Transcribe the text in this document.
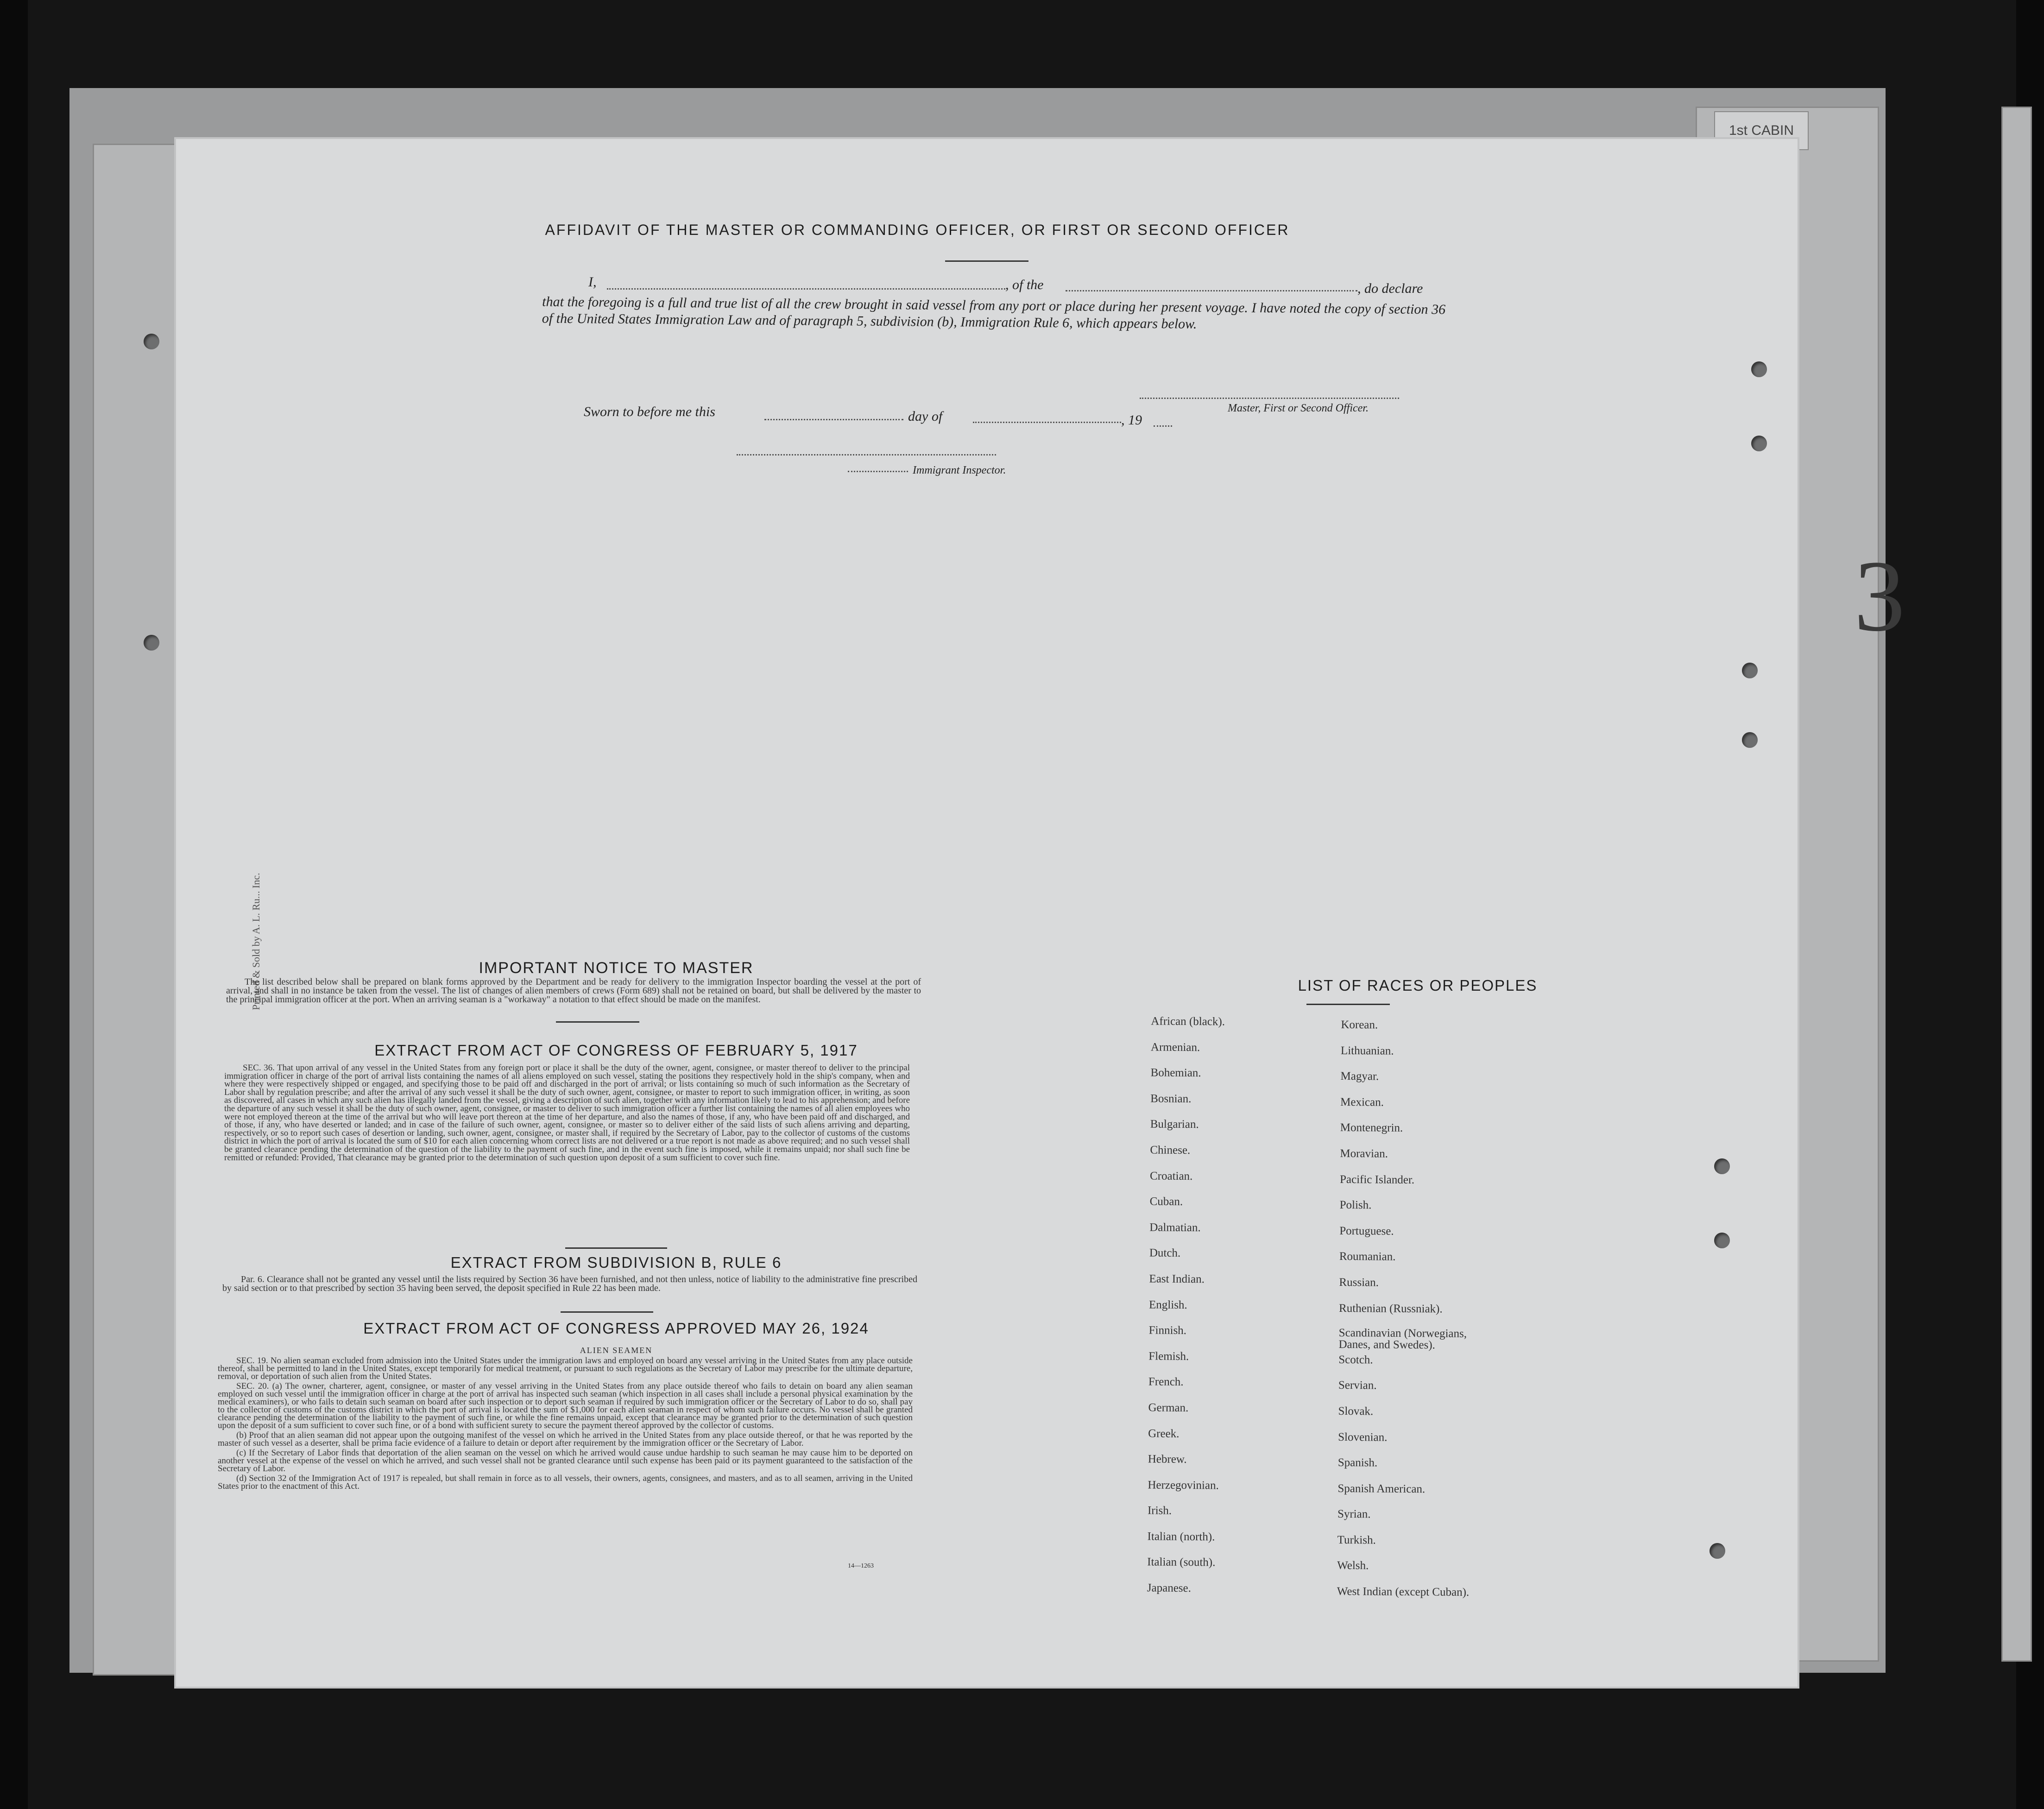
1st CABIN
3
Printed & Sold by A. L. Ru... Inc.
AFFIDAVIT OF THE MASTER OR COMMANDING OFFICER, OR FIRST OR SECOND OFFICER
I,	, of the	, do declare
that the foregoing is a full and true list of all the crew brought in said vessel from any port or place during her present voyage. I have noted the copy of section 36 of the United States Immigration Law and of paragraph 5, subdivision (b), Immigration Rule 6, which appears below.
Master, First or Second Officer.
Sworn to before me this	day of	, 19
Immigrant Inspector.
IMPORTANT NOTICE TO MASTER

The list described below shall be prepared on blank forms approved by the Department and be ready for delivery to the immigration Inspector boarding the vessel at the port of arrival, and shall in no instance be taken from the vessel. The list of changes of alien members of crews (Form 689) shall not be retained on board, but shall be delivered by the master to the principal immigration officer at the port. When an arriving seaman is a "workaway" a notation to that effect should be made on the manifest.

EXTRACT FROM ACT OF CONGRESS OF FEBRUARY 5, 1917

SEC. 36. That upon arrival of any vessel in the United States from any foreign port or place it shall be the duty of the owner, agent, consignee, or master thereof to deliver to the principal immigration officer in charge of the port of arrival lists containing the names of all aliens employed on such vessel, stating the positions they respectively hold in the ship's company, when and where they were respectively shipped or engaged, and specifying those to be paid off and discharged in the port of arrival; or lists containing so much of such information as the Secretary of Labor shall by regulation prescribe; and after the arrival of any such vessel it shall be the duty of such owner, agent, consignee, or master to report to such immigration officer, in writing, as soon as discovered, all cases in which any such alien has illegally landed from the vessel, giving a description of such alien, together with any information likely to lead to his apprehension; and before the departure of any such vessel it shall be the duty of such owner, agent, consignee, or master to deliver to such immigration officer a further list containing the names of all alien employees who were not employed thereon at the time of the arrival but who will leave port thereon at the time of her departure, and also the names of those, if any, who have been paid off and discharged, and of those, if any, who have deserted or landed; and in case of the failure of such owner, agent, consignee, or master so to deliver either of the said lists of such aliens arriving and departing, respectively, or so to report such cases of desertion or landing, such owner, agent, consignee, or master shall, if required by the Secretary of Labor, pay to the collector of customs of the customs district in which the port of arrival is located the sum of $10 for each alien concerning whom correct lists are not delivered or a true report is not made as above required; and no such vessel shall be granted clearance pending the determination of the question of the liability to the payment of such fine, and in the event such fine is imposed, while it remains unpaid; nor shall such fine be remitted or refunded: Provided, That clearance may be granted prior to the determination of such question upon deposit of a sum sufficient to cover such fine.

EXTRACT FROM SUBDIVISION B, RULE 6

Par. 6. Clearance shall not be granted any vessel until the lists required by Section 36 have been furnished, and not then unless, notice of liability to the administrative fine prescribed by said section or to that prescribed by section 35 having been served, the deposit specified in Rule 22 has been made.

EXTRACT FROM ACT OF CONGRESS APPROVED MAY 26, 1924
ALIEN SEAMEN

SEC. 19. No alien seaman excluded from admission into the United States under the immigration laws and employed on board any vessel arriving in the United States from any place outside thereof, shall be permitted to land in the United States, except temporarily for medical treatment, or pursuant to such regulations as the Secretary of Labor may prescribe for the ultimate departure, removal, or deportation of such alien from the United States.

SEC. 20. (a) The owner, charterer, agent, consignee, or master of any vessel arriving in the United States from any place outside thereof who fails to detain on board any alien seaman employed on such vessel until the immigration officer in charge at the port of arrival has inspected such seaman (which inspection in all cases shall include a personal physical examination by the medical examiners), or who fails to detain such seaman on board after such inspection or to deport such seaman if required by such immigration officer or the Secretary of Labor to do so, shall pay to the collector of customs of the customs district in which the port of arrival is located the sum of $1,000 for each alien seaman in respect of whom such failure occurs. No vessel shall be granted clearance pending the determination of the liability to the payment of such fine, or while the fine remains unpaid, except that clearance may be granted prior to the determination of such question upon the deposit of a sum sufficient to cover such fine, or of a bond with sufficient surety to secure the payment thereof approved by the collector of customs.

(b) Proof that an alien seaman did not appear upon the outgoing manifest of the vessel on which he arrived in the United States from any place outside thereof, or that he was reported by the master of such vessel as a deserter, shall be prima facie evidence of a failure to detain or deport after requirement by the immigration officer or the Secretary of Labor.

(c) If the Secretary of Labor finds that deportation of the alien seaman on the vessel on which he arrived would cause undue hardship to such seaman he may cause him to be deported on another vessel at the expense of the vessel on which he arrived, and such vessel shall not be granted clearance until such expense has been paid or its payment guaranteed to the satisfaction of the Secretary of Labor.

(d) Section 32 of the Immigration Act of 1917 is repealed, but shall remain in force as to all vessels, their owners, agents, consignees, and masters, and as to all seamen, arriving in the United States prior to the enactment of this Act.

14—1263
LIST OF RACES OR PEOPLES
African (black).
Armenian.
Bohemian.
Bosnian.
Bulgarian.
Chinese.
Croatian.
Cuban.
Dalmatian.
Dutch.
East Indian.
English.
Finnish.
Flemish.
French.
German.
Greek.
Hebrew.
Herzegovinian.
Irish.
Italian (north).
Italian (south).
Japanese.
Korean.
Lithuanian.
Magyar.
Mexican.
Montenegrin.
Moravian.
Pacific Islander.
Polish.
Portuguese.
Roumanian.
Russian.
Ruthenian (Russniak).
Scandinavian (Norwegians, Danes, and Swedes).
Scotch.
Servian.
Slovak.
Slovenian.
Spanish.
Spanish American.
Syrian.
Turkish.
Welsh.
West Indian (except Cuban).
